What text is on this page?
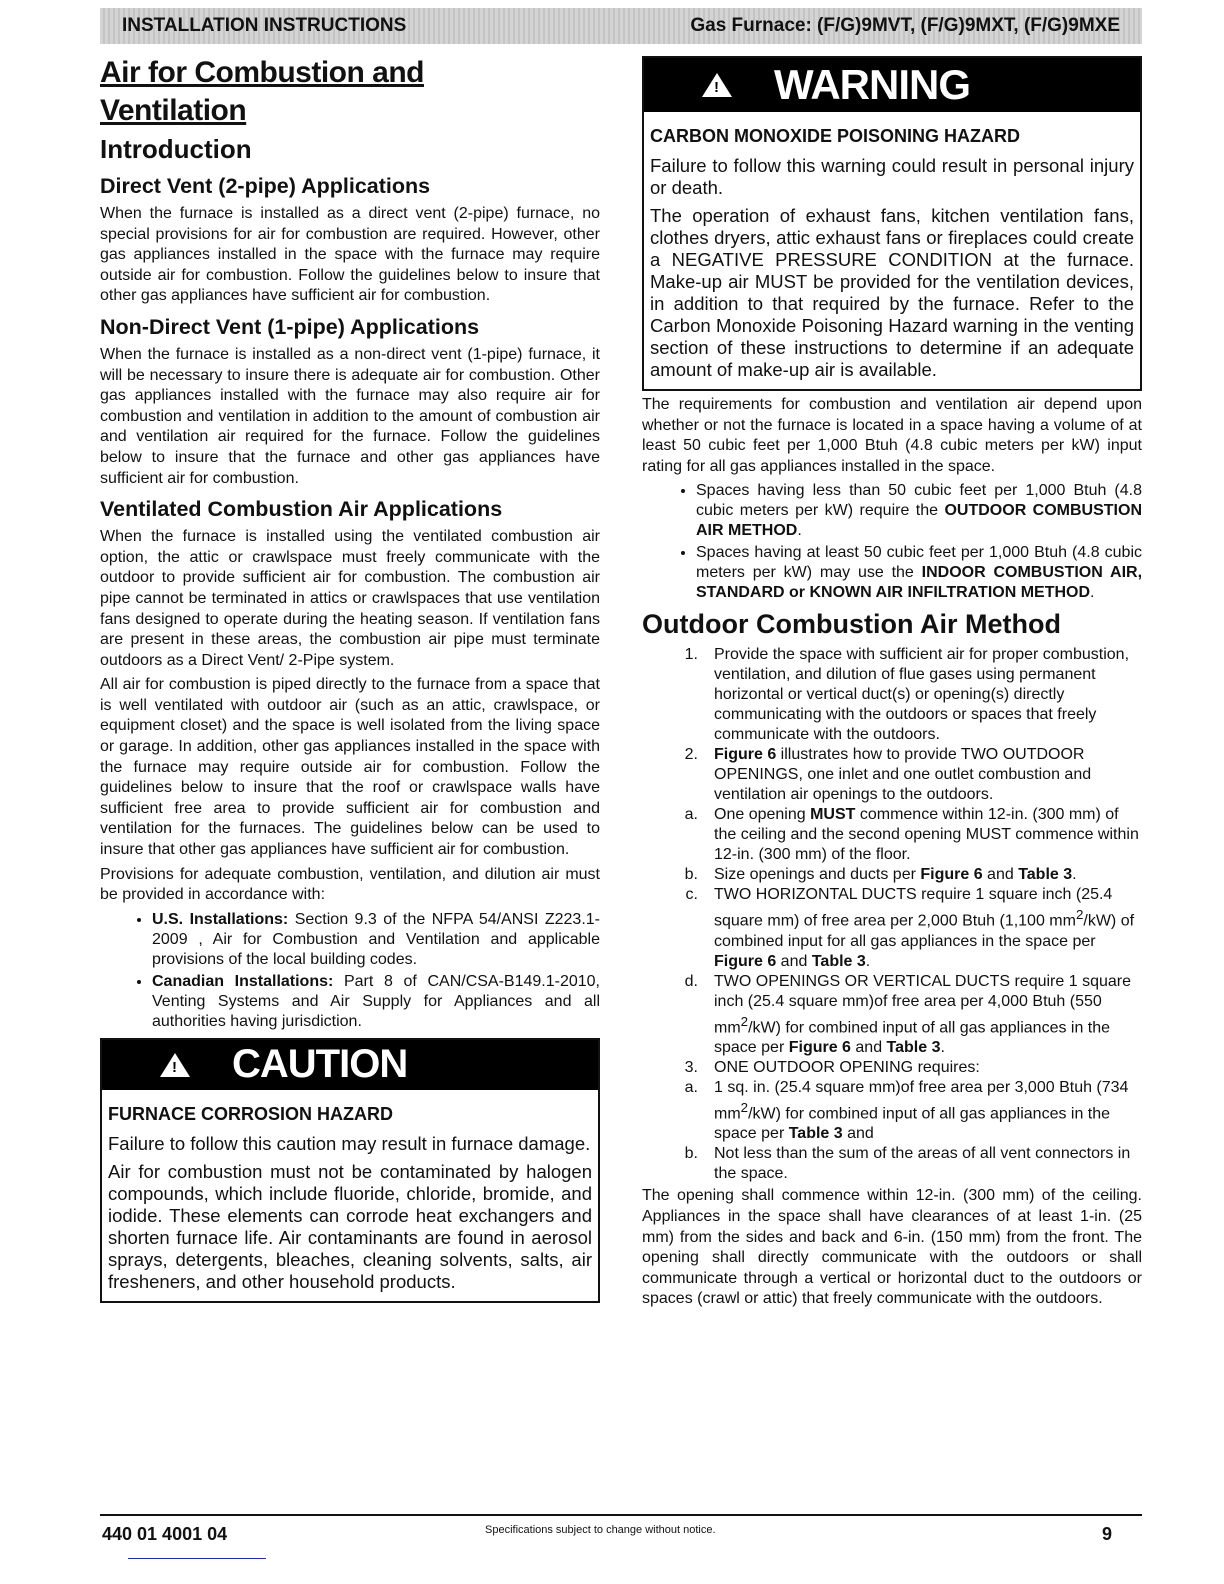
INSTALLATION INSTRUCTIONS	Gas Furnace: (F/G)9MVT, (F/G)9MXT, (F/G)9MXE
Air for Combustion and
Ventilation
Introduction
Direct Vent (2-pipe) Applications

When the furnace is installed as a direct vent (2-pipe) furnace, no special provisions for air for combustion are required. However, other gas appliances installed in the space with the furnace may require outside air for combustion. Follow the guidelines below to insure that other gas appliances have sufficient air for combustion.

Non-Direct Vent (1-pipe) Applications

When the furnace is installed as a non-direct vent (1-pipe) furnace, it will be necessary to insure there is adequate air for combustion. Other gas appliances installed with the furnace may also require air for combustion and ventilation in addition to the amount of combustion air and ventilation air required for the furnace. Follow the guidelines below to insure that the furnace and other gas appliances have sufficient air for combustion.

Ventilated Combustion Air Applications

When the furnace is installed using the ventilated combustion air option, the attic or crawlspace must freely communicate with the outdoor to provide sufficient air for combustion. The combustion air pipe cannot be terminated in attics or crawlspaces that use ventilation fans designed to operate during the heating season. If ventilation fans are present in these areas, the combustion air pipe must terminate outdoors as a Direct Vent/ 2-Pipe system.

All air for combustion is piped directly to the furnace from a space that is well ventilated with outdoor air (such as an attic, crawlspace, or equipment closet) and the space is well isolated from the living space or garage. In addition, other gas appliances installed in the space with the furnace may require outside air for combustion. Follow the guidelines below to insure that the roof or crawlspace walls have sufficient free area to provide sufficient air for combustion and ventilation for the furnaces. The guidelines below can be used to insure that other gas appliances have sufficient air for combustion.

Provisions for adequate combustion, ventilation, and dilution air must be provided in accordance with:

• U.S. Installations: Section 9.3 of the NFPA 54/ANSI Z223.1-2009 , Air for Combustion and Ventilation and applicable provisions of the local building codes.
• Canadian Installations: Part 8 of CAN/CSA-B149.1-2010, Venting Systems and Air Supply for Appliances and all authorities having jurisdiction.
! CAUTION
FURNACE CORROSION HAZARD

Failure to follow this caution may result in furnace damage.

Air for combustion must not be contaminated by halogen compounds, which include fluoride, chloride, bromide, and iodide. These elements can corrode heat exchangers and shorten furnace life. Air contaminants are found in aerosol sprays, detergents, bleaches, cleaning solvents, salts, air fresheners, and other household products.

! WARNING
CARBON MONOXIDE POISONING HAZARD

Failure to follow this warning could result in personal injury or death.

The operation of exhaust fans, kitchen ventilation fans, clothes dryers, attic exhaust fans or fireplaces could create a NEGATIVE PRESSURE CONDITION at the furnace. Make-up air MUST be provided for the ventilation devices, in addition to that required by the furnace. Refer to the Carbon Monoxide Poisoning Hazard warning in the venting section of these instructions to determine if an adequate amount of make-up air is available.

The requirements for combustion and ventilation air depend upon whether or not the furnace is located in a space having a volume of at least 50 cubic feet per 1,000 Btuh (4.8 cubic meters per kW) input rating for all gas appliances installed in the space.

• Spaces having less than 50 cubic feet per 1,000 Btuh (4.8 cubic meters per kW) require the OUTDOOR COMBUSTION AIR METHOD.
• Spaces having at least 50 cubic feet per 1,000 Btuh (4.8 cubic meters per kW) may use the INDOOR COMBUSTION AIR, STANDARD or KNOWN AIR INFILTRATION METHOD.
Outdoor Combustion Air Method
1.	Provide the space with sufficient air for proper combustion, ventilation, and dilution of flue gases using permanent horizontal or vertical duct(s) or opening(s) directly communicating with the outdoors or spaces that freely communicate with the outdoors.
2.	Figure 6 illustrates how to provide TWO OUTDOOR OPENINGS, one inlet and one outlet combustion and ventilation air openings to the outdoors.
a.	One opening MUST commence within 12-in. (300 mm) of the ceiling and the second opening MUST commence within 12-in. (300 mm) of the floor.
b.	Size openings and ducts per Figure 6 and Table 3.
c.	TWO HORIZONTAL DUCTS require 1 square inch (25.4 square mm) of free area per 2,000 Btuh (1,100 $mm^2/kW$) of combined input for all gas appliances in the space per Figure 6 and Table 3.
d.	TWO OPENINGS OR VERTICAL DUCTS require 1 square inch (25.4 square mm)of free area per 4,000 Btuh (550 $mm^2/kW$) for combined input of all gas appliances in the space per Figure 6 and Table 3.
3.	ONE OUTDOOR OPENING requires:
a.	1 sq. in. (25.4 square mm)of free area per 3,000 Btuh (734 $mm^2/kW$) for combined input of all gas appliances in the space per Table 3 and
b.	Not less than the sum of the areas of all vent connectors in the space.

The opening shall commence within 12-in. (300 mm) of the ceiling. Appliances in the space shall have clearances of at least 1-in. (25 mm) from the sides and back and 6-in. (150 mm) from the front. The opening shall directly communicate with the outdoors or shall communicate through a vertical or horizontal duct to the outdoors or spaces (crawl or attic) that freely communicate with the outdoors.

440 01 4001 04	Specifications subject to change without notice.	9
